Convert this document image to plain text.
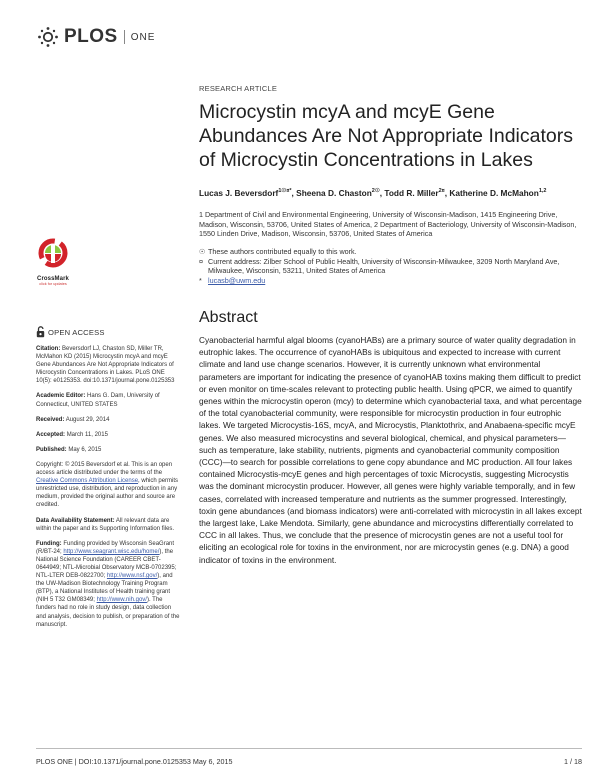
PLOS ONE
RESEARCH ARTICLE
Microcystin mcyA and mcyE Gene Abundances Are Not Appropriate Indicators of Microcystin Concentrations in Lakes
Lucas J. Beversdorf$^{1☉¤*}$, Sheena D. Chaston$^{2☉}$, Todd R. Miller$^{2¤}$, Katherine D. McMahon$^{1,2}$
1 Department of Civil and Environmental Engineering, University of Wisconsin-Madison, 1415 Engineering Drive, Madison, Wisconsin, 53706, United States of America, 2 Department of Bacteriology, University of Wisconsin-Madison, 1550 Linden Drive, Madison, Wisconsin, 53706, United States of America
☉ These authors contributed equally to this work.
¤ Current address: Zilber School of Public Health, University of Wisconsin-Milwaukee, 3209 North Maryland Ave, Milwaukee, Wisconsin, 53211, United States of America
* lucasb@uwm.edu
Abstract

Cyanobacterial harmful algal blooms (cyanoHABs) are a primary source of water quality degradation in eutrophic lakes. The occurrence of cyanoHABs is ubiquitous and expected to increase with current climate and land use change scenarios. However, it is currently unknown what environmental parameters are important for indicating the presence of cyanoHAB toxins making them difficult to predict or even monitor on time-scales relevant to protecting public health. Using qPCR, we aimed to quantify genes within the microcystin operon (mcy) to determine which cyanobacterial taxa, and what percentage of the total cyanobacterial community, were responsible for microcystin production in four eutrophic lakes. We targeted Microcystis-16S, mcyA, and Microcystis, Planktothrix, and Anabaena-specific mcyE genes. We also measured microcystins and several biological, chemical, and physical parameters—such as temperature, lake stability, nutrients, pigments and cyanobacterial community composition (CCC)—to search for possible correlations to gene copy abundance and MC production. All four lakes contained Microcystis-mcyE genes and high percentages of toxic Microcystis, suggesting Microcystis was the dominant microcystin producer. However, all genes were highly variable temporally, and in few cases, correlated with increased temperature and nutrients as the summer progressed. Interestingly, toxin gene abundances (and biomass indicators) were anti-correlated with microcystin in all lakes except the largest lake, Lake Mendota. Similarly, gene abundance and microcystins differentially correlated to CCC in all lakes. Thus, we conclude that the presence of microcystin genes are not a useful tool for eliciting an ecological role for toxins in the environment, nor are microcystin genes (e.g. DNA) a good indicator of toxins in the environment.

CrossMark
click for updates
OPEN ACCESS

Citation: Beversdorf LJ, Chaston SD, Miller TR, McMahon KD (2015) Microcystin mcyA and mcyE Gene Abundances Are Not Appropriate Indicators of Microcystin Concentrations in Lakes. PLoS ONE 10(5): e0125353. doi:10.1371/journal.pone.0125353

Academic Editor: Hans G. Dam, University of Connecticut, UNITED STATES

Received: August 29, 2014

Accepted: March 11, 2015

Published: May 6, 2015

Copyright: © 2015 Beversdorf et al. This is an open access article distributed under the terms of the Creative Commons Attribution License, which permits unrestricted use, distribution, and reproduction in any medium, provided the original author and source are credited.

Data Availability Statement: All relevant data are within the paper and its Supporting Information files.

Funding: Funding provided by Wisconsin SeaGrant (R/BT-24; http://www.seagrant.wisc.edu/home/), the National Science Foundation (CAREER CBET-0644949; NTL-Microbial Observatory MCB-0702395; NTL-LTER DEB-0822700; http://www.nsf.gov/), and the UW-Madison Biotechnology Training Program (BTP), a National Institutes of Health training grant (NIH 5 T32 GM08349; http://www.nih.gov/). The funders had no role in study design, data collection and analysis, decision to publish, or preparation of the manuscript.

PLOS ONE | DOI:10.1371/journal.pone.0125353 May 6, 2015	1 / 18
